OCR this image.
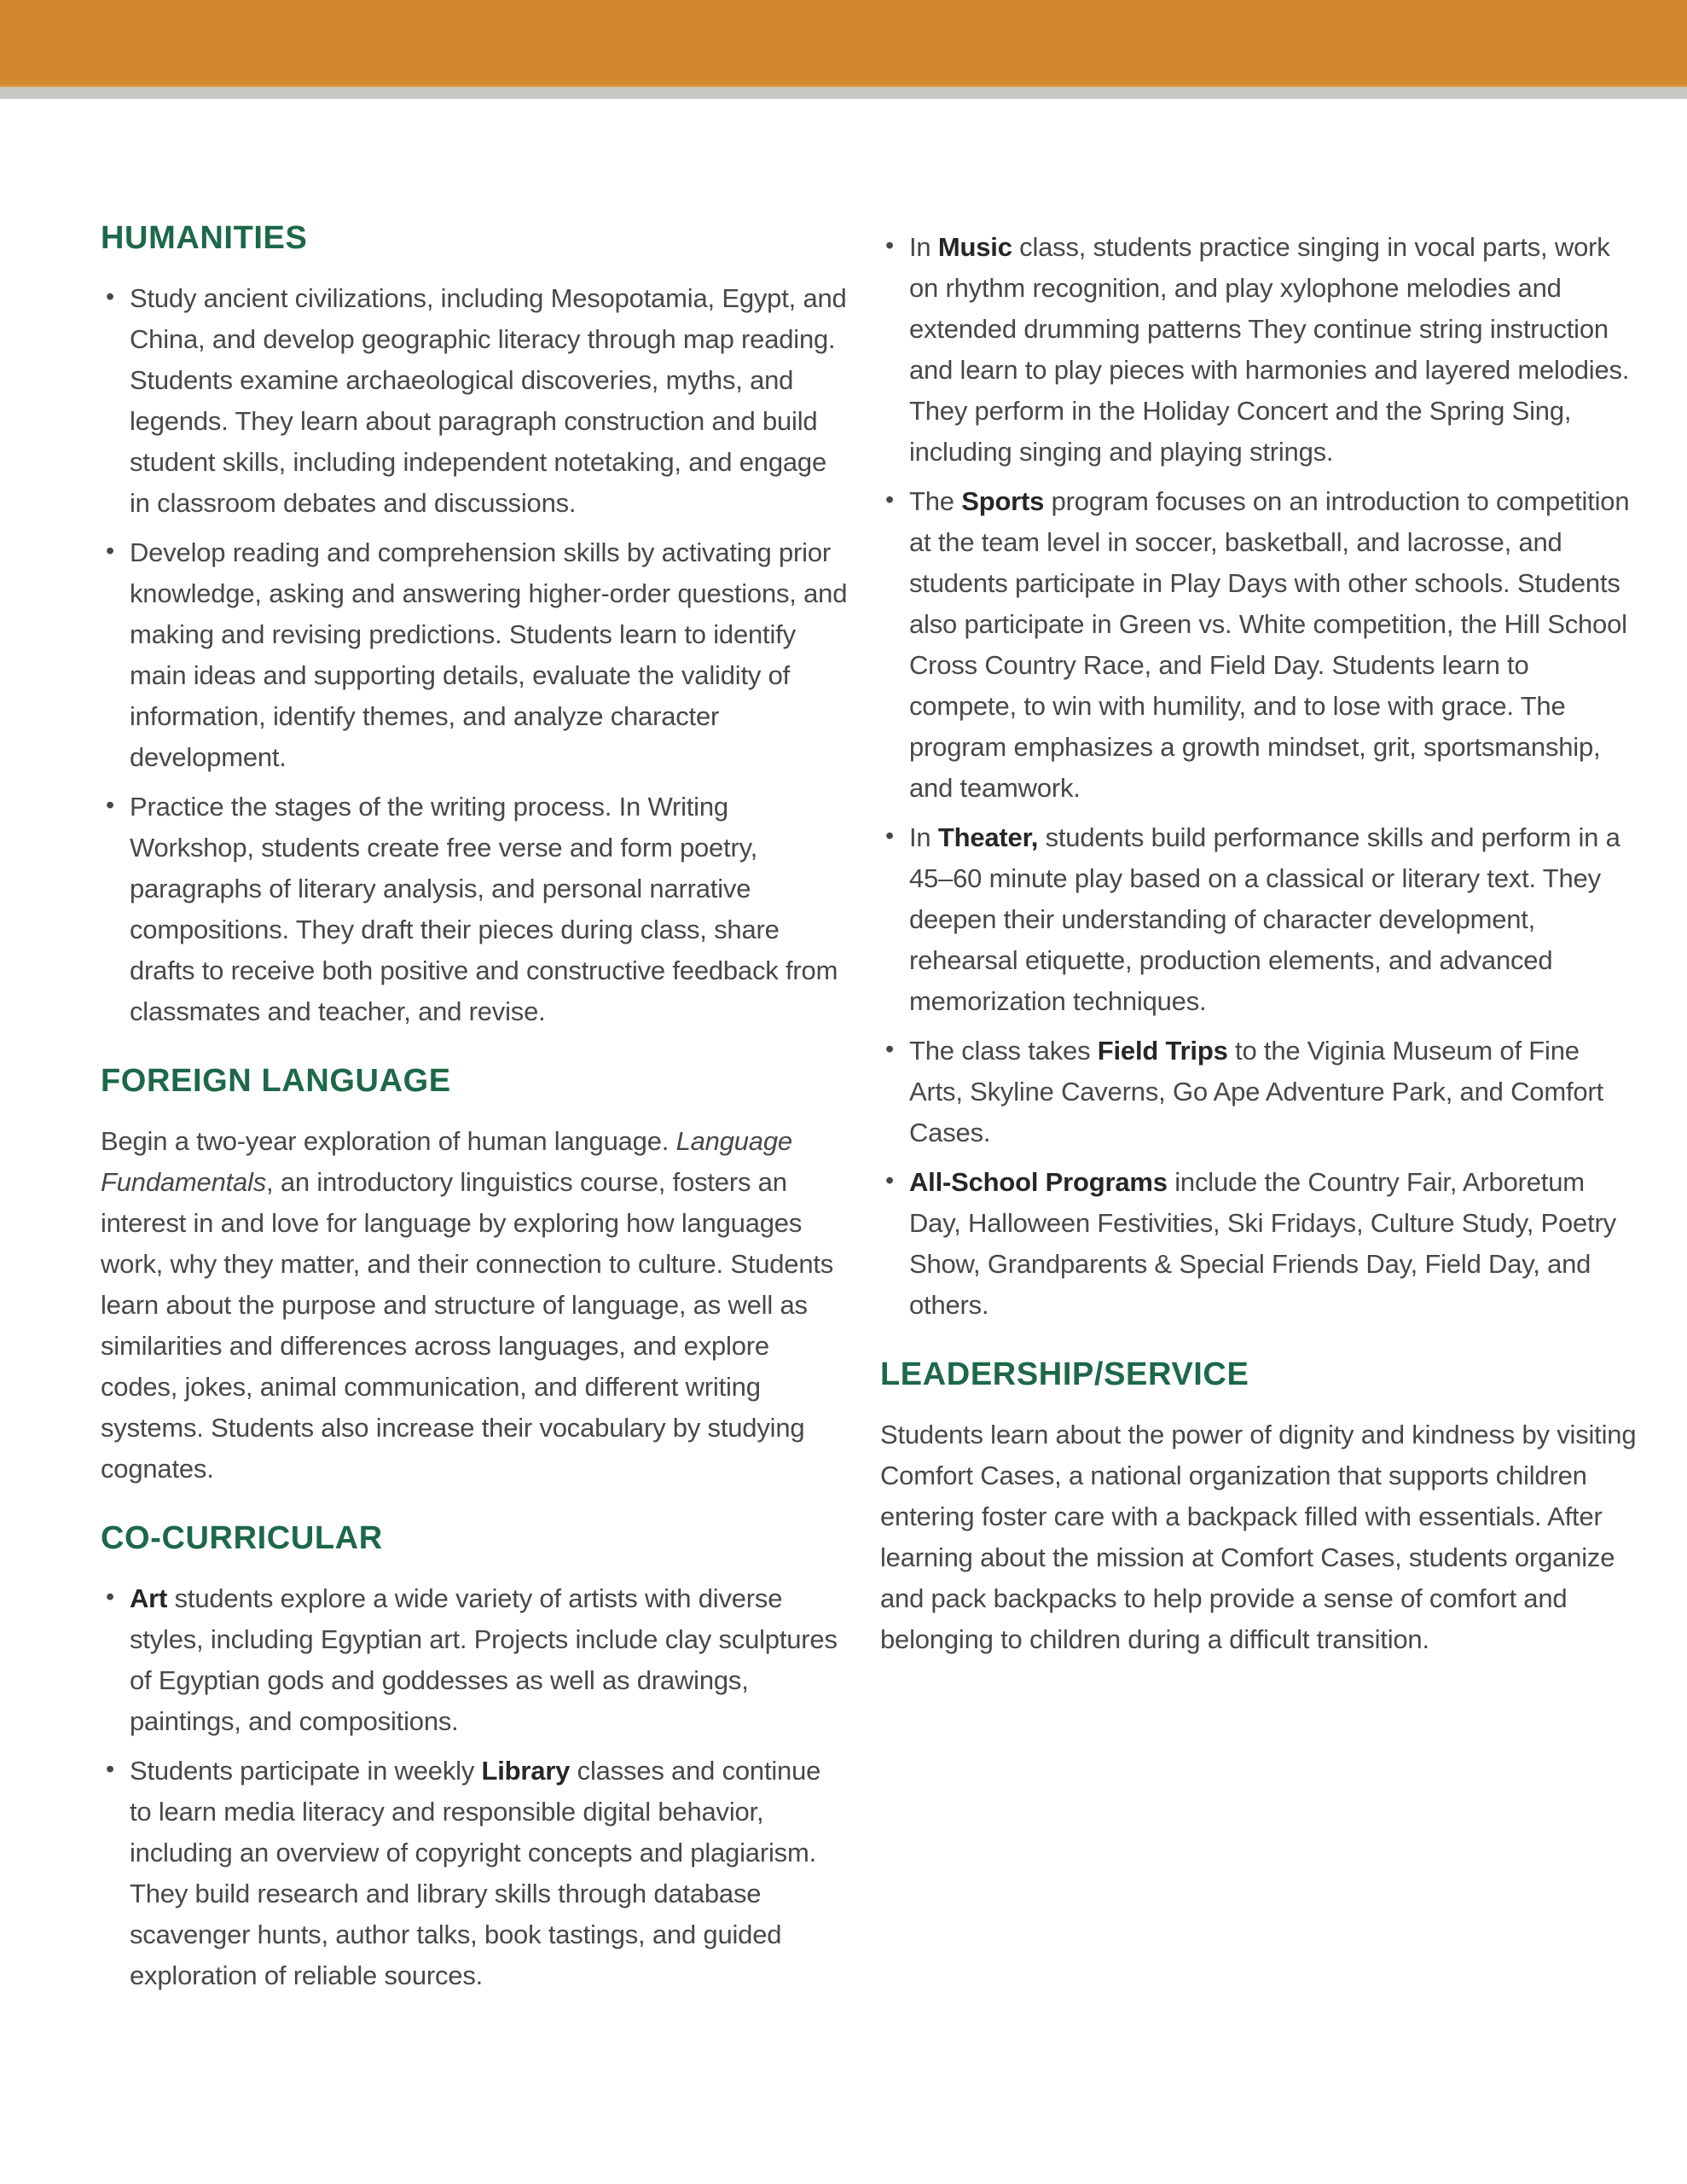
HUMANITIES
• Study ancient civilizations, including Mesopotamia, Egypt, and China, and develop geographic literacy through map reading. Students examine archaeological discoveries, myths, and legends. They learn about paragraph construction and build student skills, including independent notetaking, and engage in classroom debates and discussions.
• Develop reading and comprehension skills by activating prior knowledge, asking and answering higher-order questions, and making and revising predictions. Students learn to identify main ideas and supporting details, evaluate the validity of information, identify themes, and analyze character development.
• Practice the stages of the writing process. In Writing Workshop, students create free verse and form poetry, paragraphs of literary analysis, and personal narrative compositions. They draft their pieces during class, share drafts to receive both positive and constructive feedback from classmates and teacher, and revise.
FOREIGN LANGUAGE

Begin a two-year exploration of human language. Language Fundamentals, an introductory linguistics course, fosters an interest in and love for language by exploring how languages work, why they matter, and their connection to culture. Students learn about the purpose and structure of language, as well as similarities and differences across languages, and explore codes, jokes, animal communication, and different writing systems. Students also increase their vocabulary by studying cognates.

CO-CURRICULAR
• Art students explore a wide variety of artists with diverse styles, including Egyptian art. Projects include clay sculptures of Egyptian gods and goddesses as well as drawings, paintings, and compositions.
• Students participate in weekly Library classes and continue to learn media literacy and responsible digital behavior, including an overview of copyright concepts and plagiarism. They build research and library skills through database scavenger hunts, author talks, book tastings, and guided exploration of reliable sources.
• In Music class, students practice singing in vocal parts, work on rhythm recognition, and play xylophone melodies and extended drumming patterns They continue string instruction and learn to play pieces with harmonies and layered melodies. They perform in the Holiday Concert and the Spring Sing, including singing and playing strings.
• The Sports program focuses on an introduction to competition at the team level in soccer, basketball, and lacrosse, and students participate in Play Days with other schools. Students also participate in Green vs. White competition, the Hill School Cross Country Race, and Field Day. Students learn to compete, to win with humility, and to lose with grace. The program emphasizes a growth mindset, grit, sportsmanship, and teamwork.
• In Theater, students build performance skills and perform in a 45–60 minute play based on a classical or literary text. They deepen their understanding of character development, rehearsal etiquette, production elements, and advanced memorization techniques.
• The class takes Field Trips to the Viginia Museum of Fine Arts, Skyline Caverns, Go Ape Adventure Park, and Comfort Cases.
• All-School Programs include the Country Fair, Arboretum Day, Halloween Festivities, Ski Fridays, Culture Study, Poetry Show, Grandparents & Special Friends Day, Field Day, and others.
LEADERSHIP/SERVICE

Students learn about the power of dignity and kindness by visiting Comfort Cases, a national organization that supports children entering foster care with a backpack filled with essentials. After learning about the mission at Comfort Cases, students organize and pack backpacks to help provide a sense of comfort and belonging to children during a difficult transition.
